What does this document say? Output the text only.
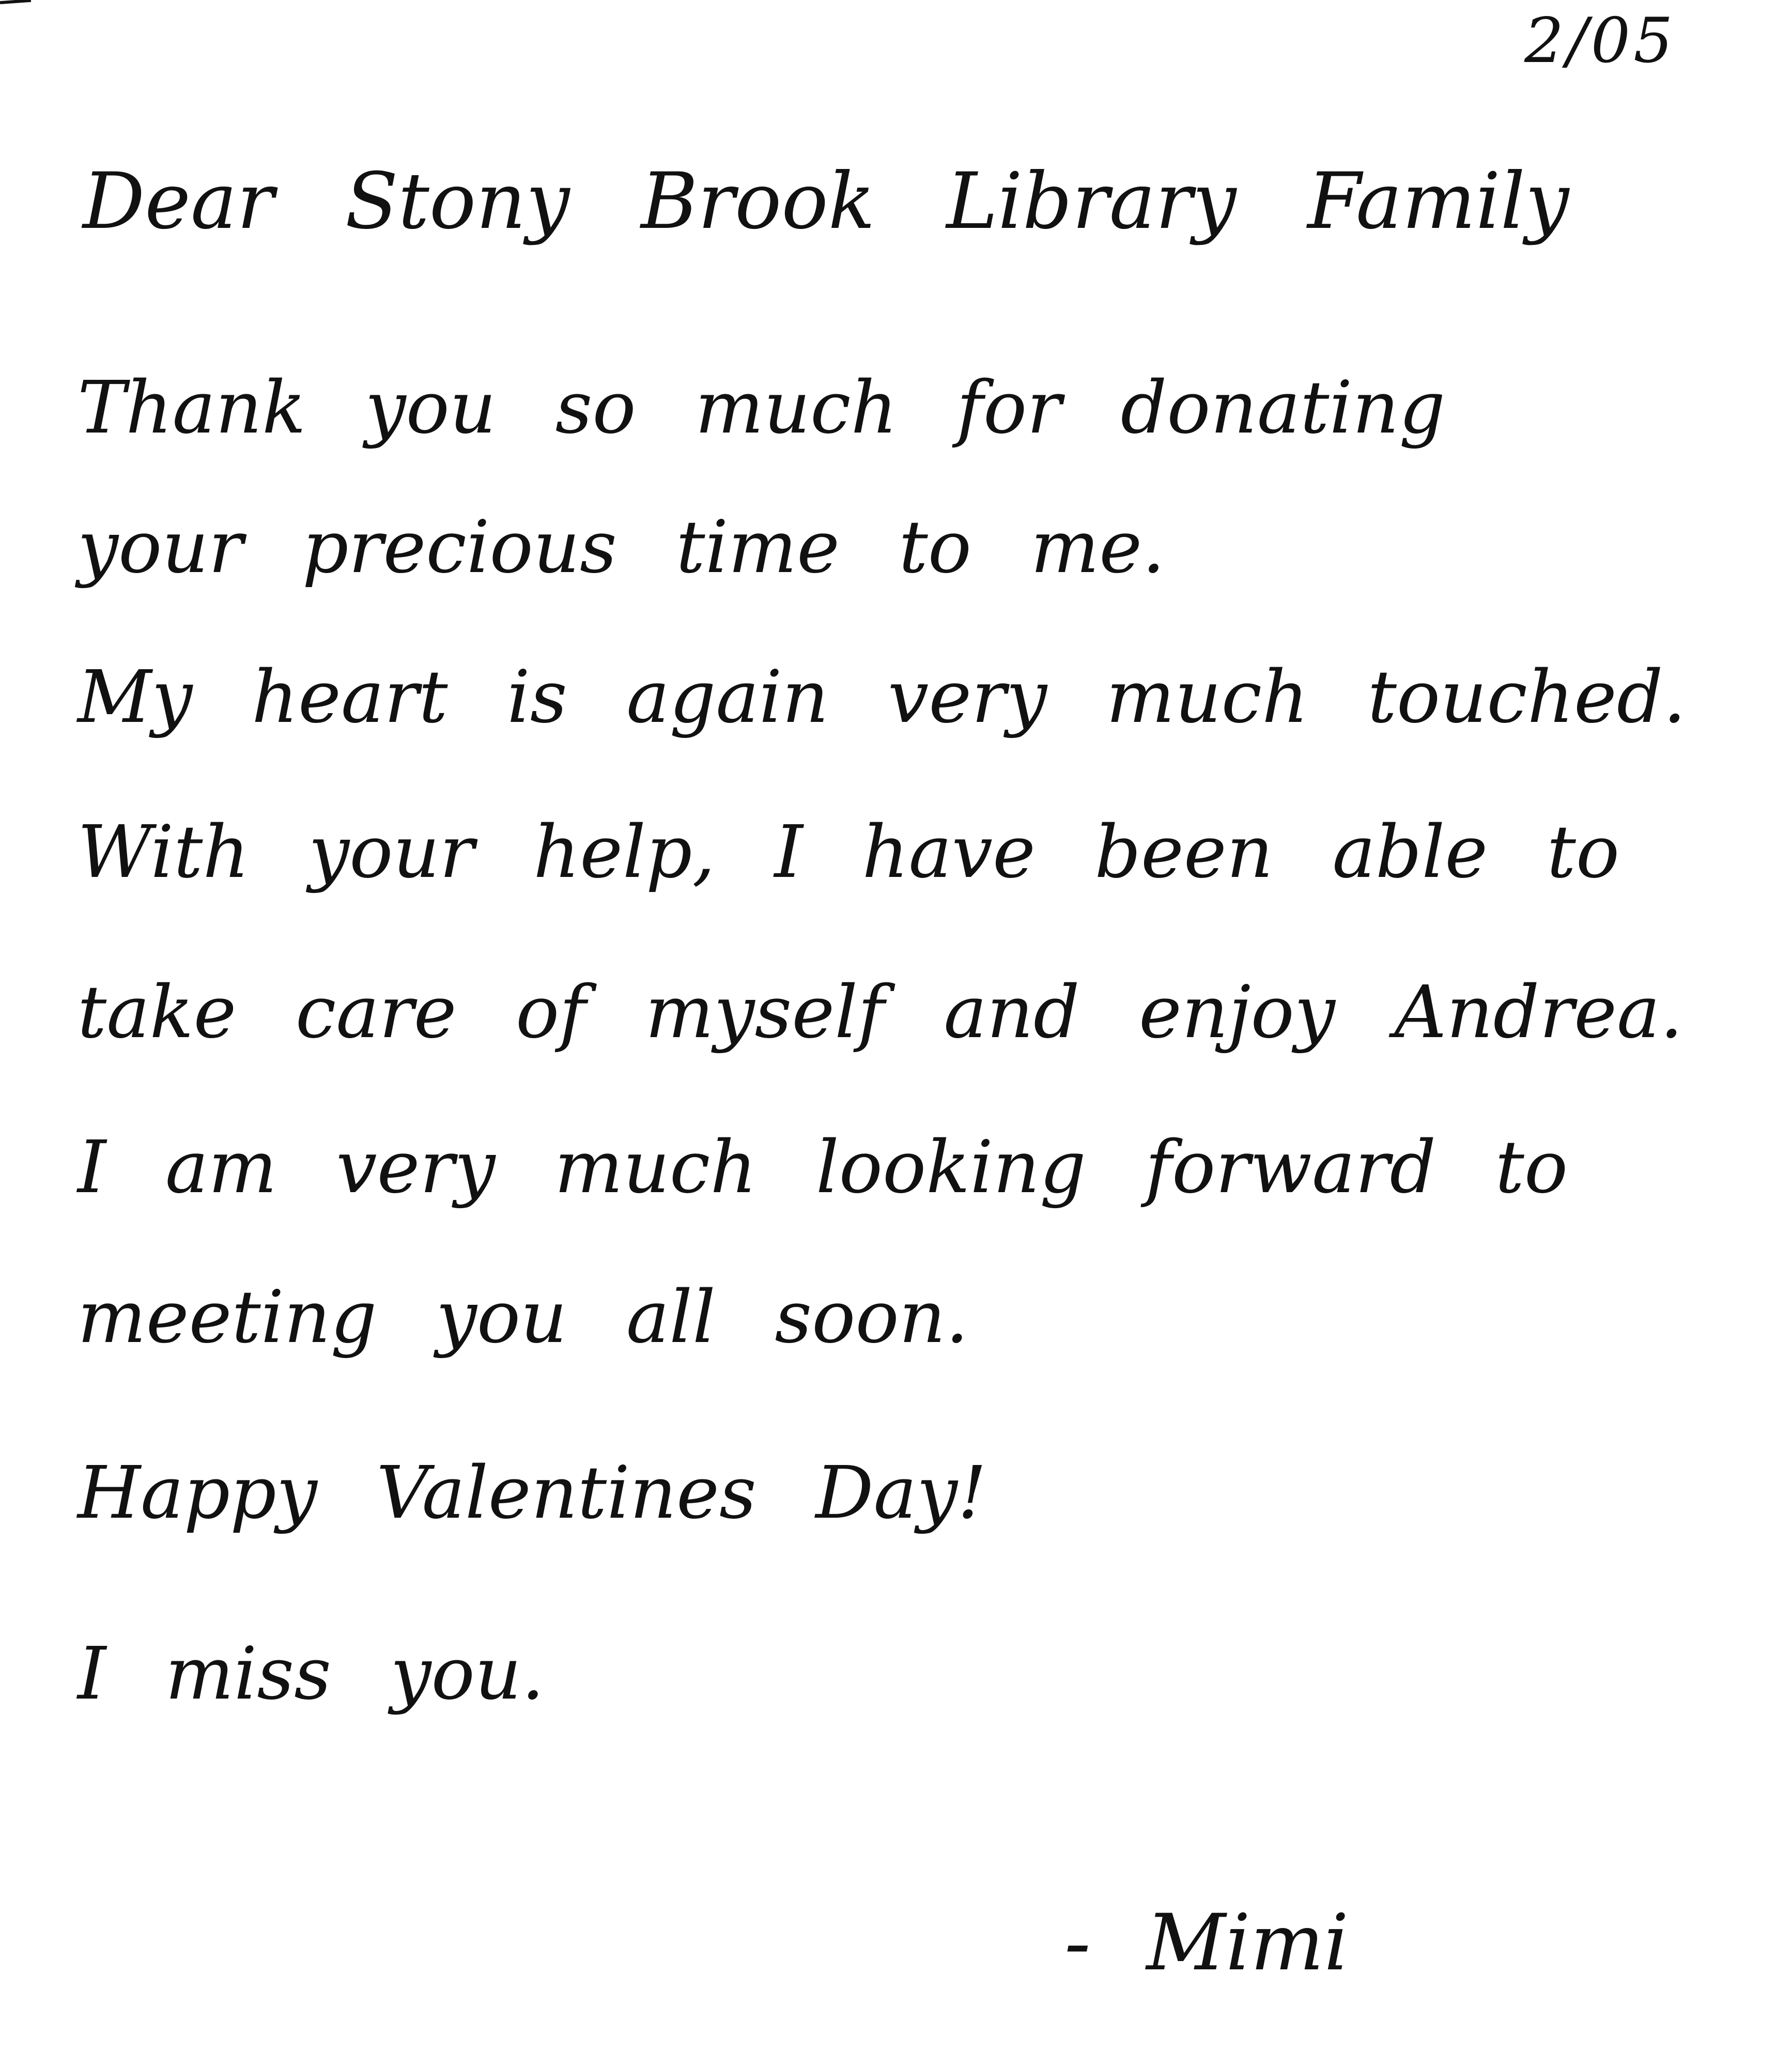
2/05
Dear Stony Brook Library Family
Thank you so much for donating
your precious time to me.
My heart is again very much touched.
With your help, I have been able to
take care of myself and enjoy Andrea.
I am very much looking forward to
meeting you all soon.
Happy Valentines Day!
I miss you.
- Mimi
